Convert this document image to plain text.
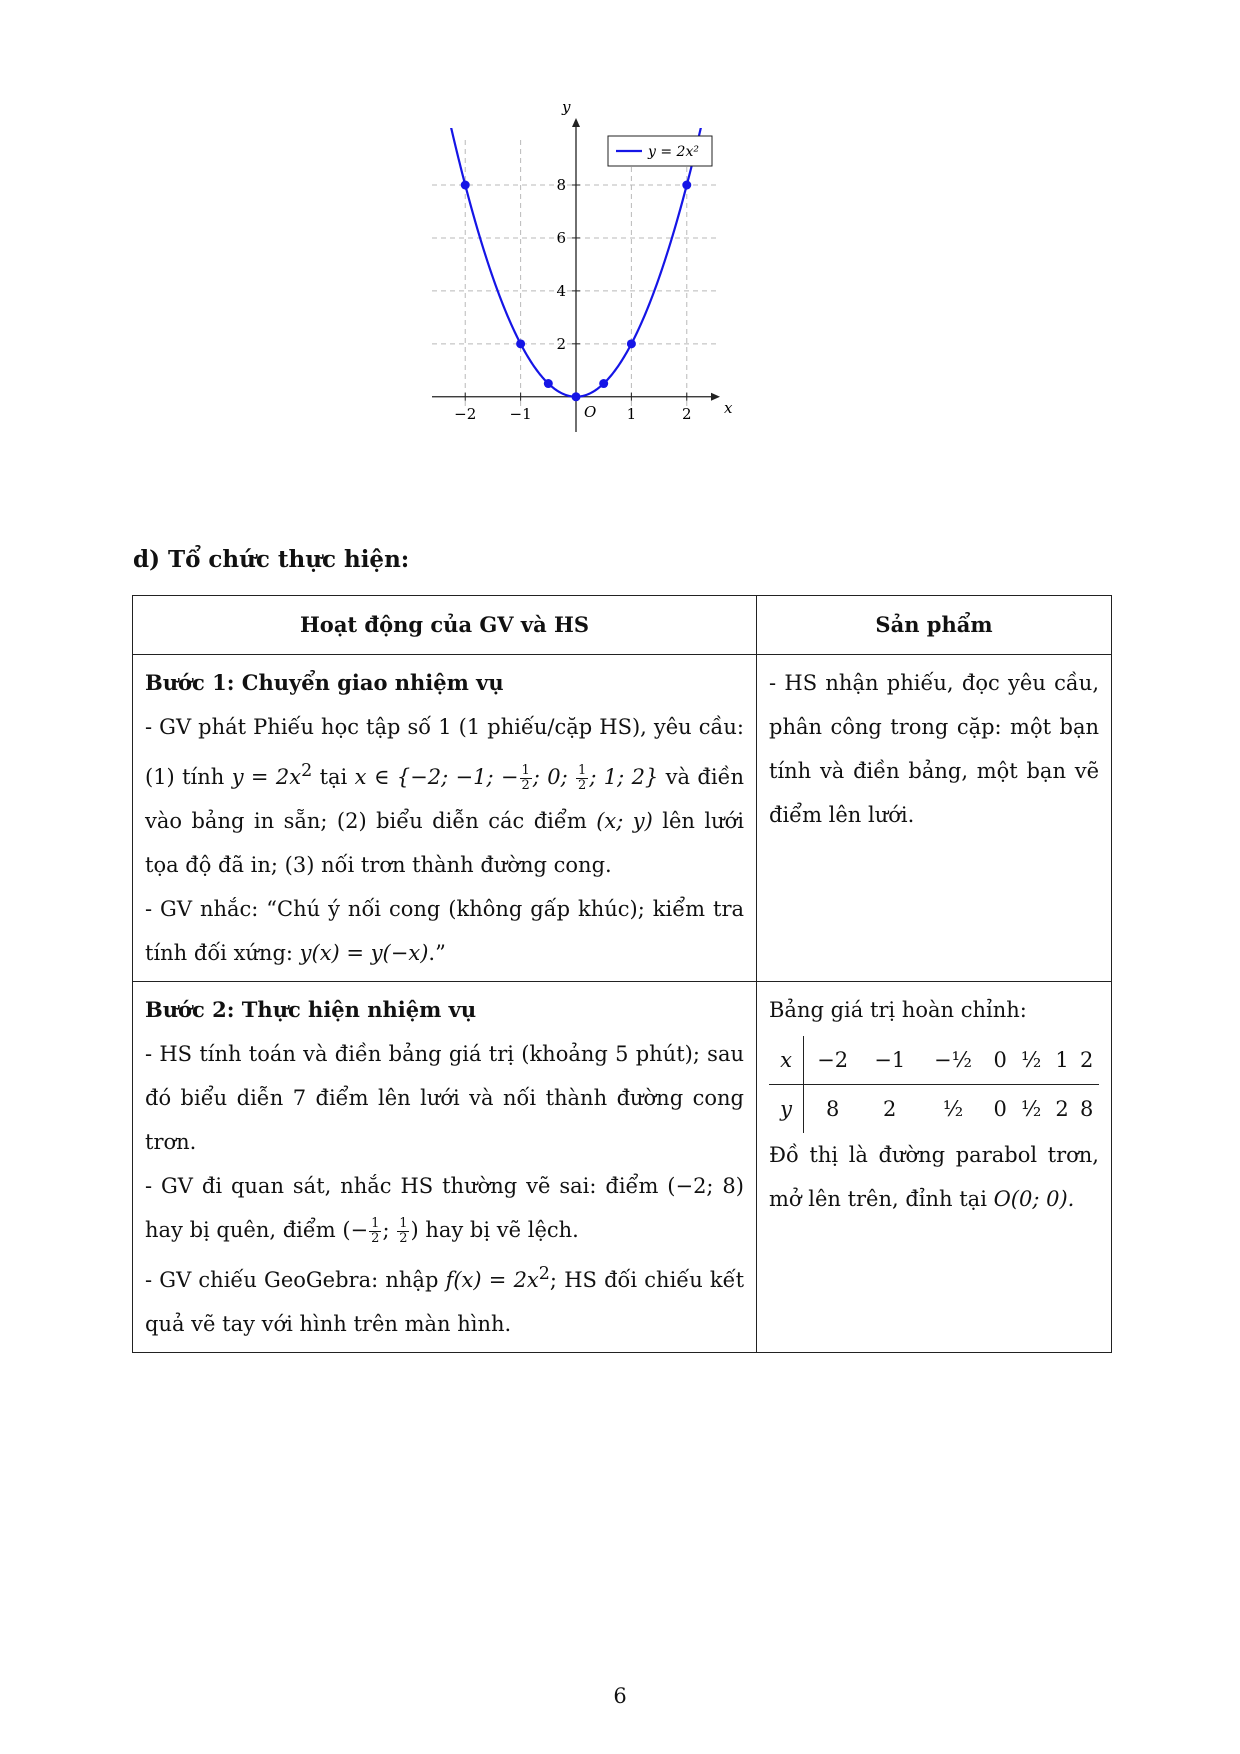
−2 −1	1	2
2
4
6
8
O	x
y
y = 2x²
d) Tổ chức thực hiện:
Hoạt động của GV và HS	Sản phẩm

Bước 1: Chuyển giao nhiệm vụ
- GV phát Phiếu học tập số 1 (1 phiếu/cặp HS), yêu cầu: (1) tính $y = 2x^2$ tại x ∈ {−2; −1; − $\frac{1}{2}$ ; 0; $\frac{1}{2}$ ; 1; 2} và điền vào bảng in sẵn; (2) biểu diễn các điểm (x; y) lên lưới tọa độ đã in; (3) nối trơn thành đường cong.
- GV nhắc: “Chú ý nối cong (không gấp khúc); kiểm tra tính đối xứng: y(x) = y(−x).”

- HS nhận phiếu, đọc yêu cầu, phân công trong cặp: một bạn tính và điền bảng, một bạn vẽ điểm lên lưới.

Bước 2: Thực hiện nhiệm vụ
- HS tính toán và điền bảng giá trị (khoảng 5 phút); sau đó biểu diễn 7 điểm lên lưới và nối thành đường cong trơn.
- GV đi quan sát, nhắc HS thường vẽ sai: điểm (−2; 8) hay bị quên, điểm (− $\frac{1}{2}$ ; $\frac{1}{2}$ ) hay bị vẽ lệch.
- GV chiếu GeoGebra: nhập $f(x) = 2x^2$; HS đối chiếu kết quả vẽ tay với hình trên màn hình.

Bảng giá trị hoàn chỉnh:
x	−2	−1	−½	0	½	1	2
y	8	2	½	0	½	2	8
Đồ thị là đường parabol trơn, mở lên trên, đỉnh tại O(0; 0).
6
